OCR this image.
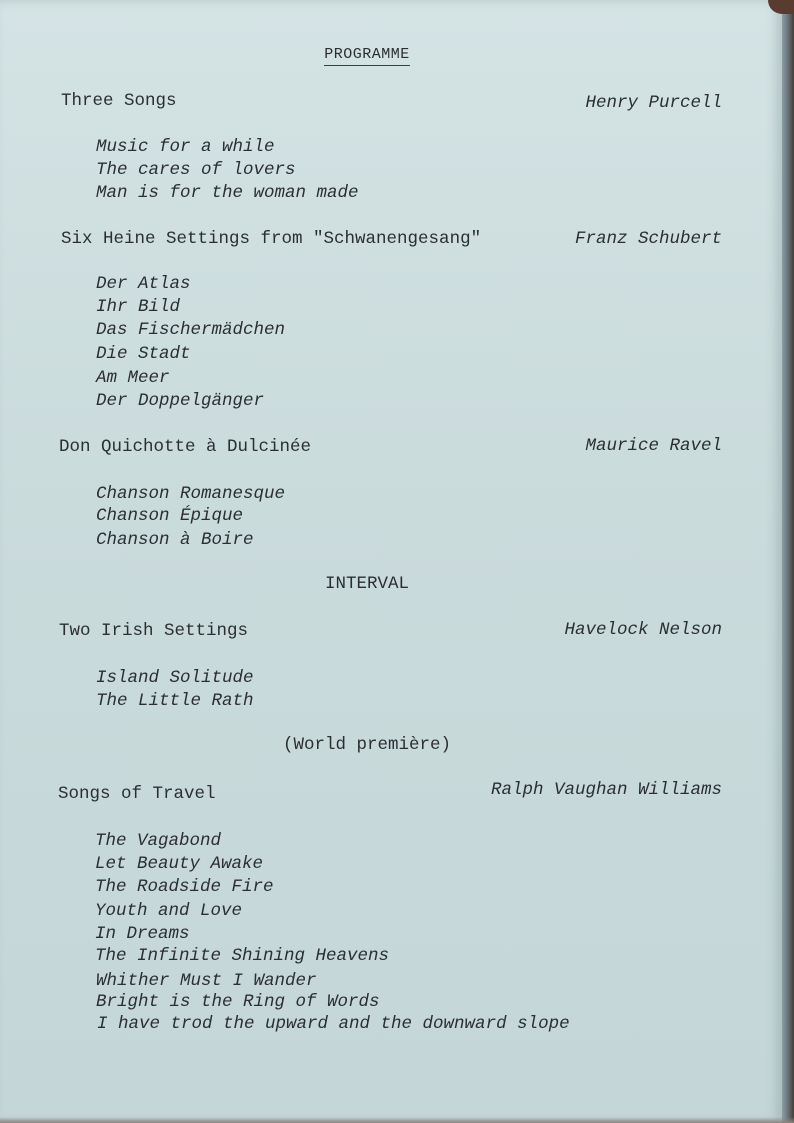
PROGRAMME
Three Songs	Henry Purcell
Music for a while
The cares of lovers
Man is for the woman made
Six Heine Settings from "Schwanengesang"	Franz Schubert
Der Atlas
Ihr Bild
Das Fischermädchen
Die Stadt
Am Meer
Der Doppelgänger
Don Quichotte à Dulcinée	Maurice Ravel
Chanson Romanesque
Chanson Épique
Chanson à Boire
INTERVAL
Two Irish Settings	Havelock Nelson
Island Solitude
The Little Rath
(World première)
Songs of Travel	Ralph Vaughan Williams
The Vagabond
Let Beauty Awake
The Roadside Fire
Youth and Love
In Dreams
The Infinite Shining Heavens
Whither Must I Wander
Bright is the Ring of Words
I have trod the upward and the downward slope
